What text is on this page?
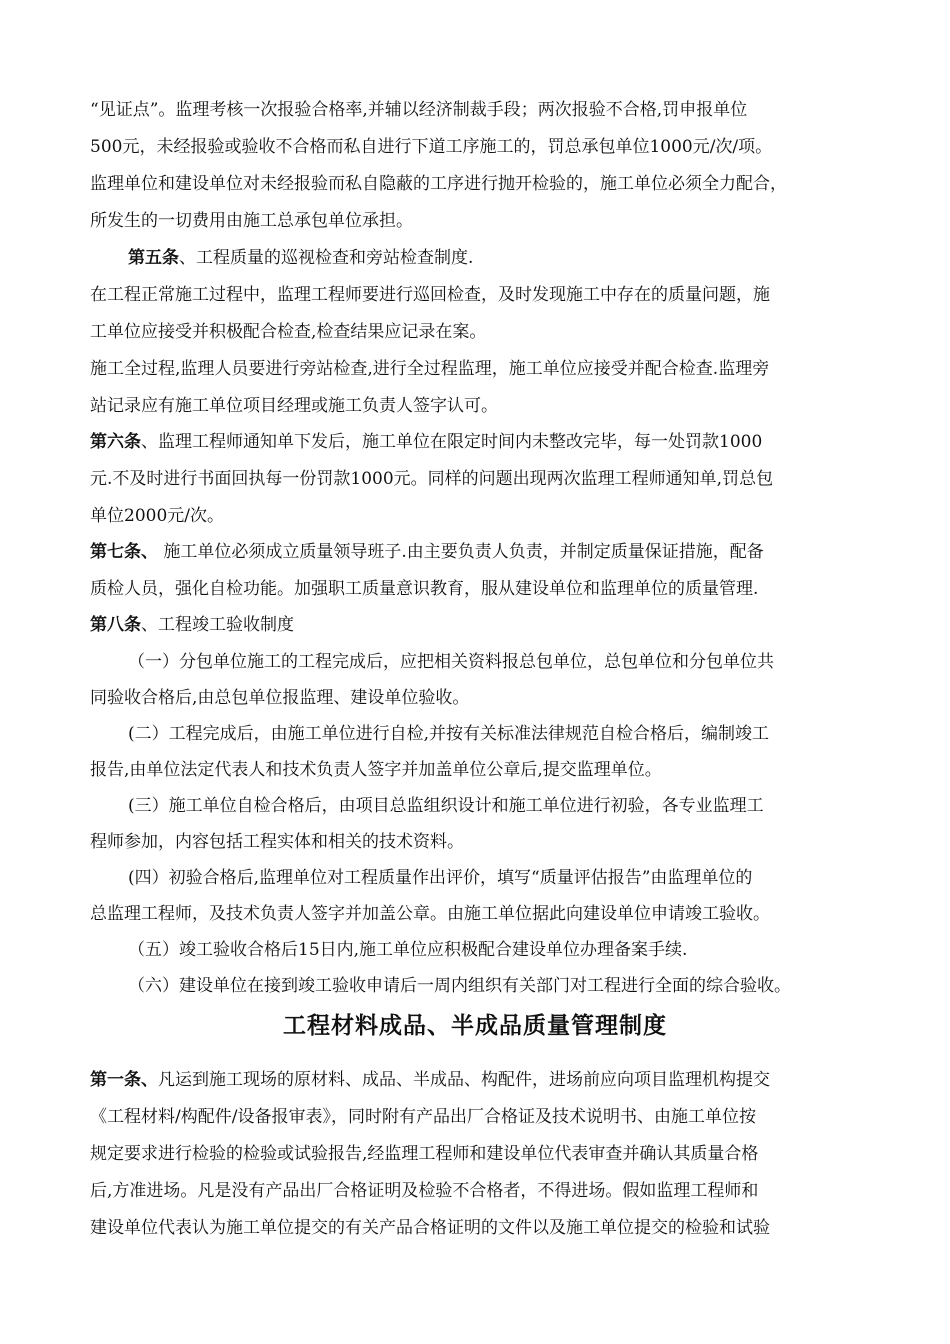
“见证点”。监理考核一次报验合格率,并辅以经济制裁手段；两次报验不合格,罚申报单位
500元，未经报验或验收不合格而私自进行下道工序施工的，罚总承包单位1000元/次/项。
监理单位和建设单位对未经报验而私自隐蔽的工序进行抛开检验的，施工单位必须全力配合，
所发生的一切费用由施工总承包单位承担。
第五条、工程质量的巡视检查和旁站检查制度.
在工程正常施工过程中，监理工程师要进行巡回检查，及时发现施工中存在的质量问题，施
工单位应接受并积极配合检查,检查结果应记录在案。
施工全过程,监理人员要进行旁站检查,进行全过程监理，施工单位应接受并配合检查.监理旁
站记录应有施工单位项目经理或施工负责人签字认可。
第六条、监理工程师通知单下发后，施工单位在限定时间内未整改完毕，每一处罚款1000
元.不及时进行书面回执每一份罚款1000元。同样的问题出现两次监理工程师通知单,罚总包
单位2000元/次。
第七条、 施工单位必须成立质量领导班子.由主要负责人负责，并制定质量保证措施，配备
质检人员，强化自检功能。加强职工质量意识教育，服从建设单位和监理单位的质量管理.
第八条、工程竣工验收制度
（一）分包单位施工的工程完成后，应把相关资料报总包单位，总包单位和分包单位共
同验收合格后,由总包单位报监理、建设单位验收。
(二）工程完成后，由施工单位进行自检,并按有关标准法律规范自检合格后，编制竣工
报告,由单位法定代表人和技术负责人签字并加盖单位公章后,提交监理单位。
(三）施工单位自检合格后，由项目总监组织设计和施工单位进行初验，各专业监理工
程师参加，内容包括工程实体和相关的技术资料。
(四）初验合格后,监理单位对工程质量作出评价，填写“质量评估报告”由监理单位的
总监理工程师，及技术负责人签字并加盖公章。由施工单位据此向建设单位申请竣工验收。
（五）竣工验收合格后15日内,施工单位应积极配合建设单位办理备案手续.
（六）建设单位在接到竣工验收申请后一周内组织有关部门对工程进行全面的综合验收。
工程材料成品、半成品质量管理制度
第一条、凡运到施工现场的原材料、成品、半成品、构配件，进场前应向项目监理机构提交
《工程材料/构配件/设备报审表》，同时附有产品出厂合格证及技术说明书、由施工单位按
规定要求进行检验的检验或试验报告,经监理工程师和建设单位代表审查并确认其质量合格
后,方准进场。凡是没有产品出厂合格证明及检验不合格者，不得进场。假如监理工程师和
建设单位代表认为施工单位提交的有关产品合格证明的文件以及施工单位提交的检验和试验
